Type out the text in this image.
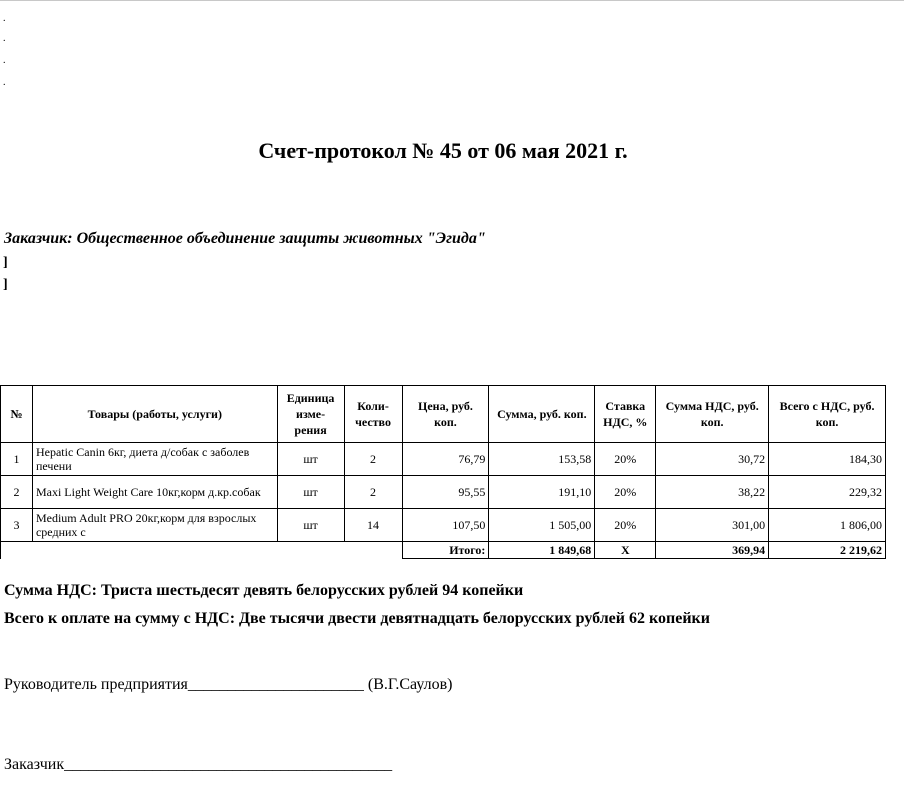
.
.
.
.
Счет-протокол № 45 от 06 мая 2021 г.
Заказчик: Общественное объединение защиты животных "Эгида"
]
]
№	Товары (работы, услуги)	Единица изме-рения	Коли-чество	Цена, руб. коп.	Сумма, руб. коп.	Ставка НДС, %	Сумма НДС, руб. коп.	Всего с НДС, руб. коп.
1	Hepatic Canin 6кг, диета д/собак с заболев печени	шт	2	76,79	153,58	20%	30,72	184,30
2	Maxi Light Weight Care 10кг,корм д.кр.собак	шт	2	95,55	191,10	20%	38,22	229,32
3	Medium Adult PRO 20кг,корм для взрослых средних с	шт	14	107,50	1 505,00	20%	301,00	1 806,00
				Итого:	1 849,68	X	369,94	2 219,62
Сумма НДС: Триста шестьдесят девять белорусских рублей 94 копейки
Всего к оплате на сумму с НДС: Две тысячи двести девятнадцать белорусских рублей 62 копейки
Руководитель предприятия______________________ (В.Г.Саулов)
Заказчик_________________________________________
